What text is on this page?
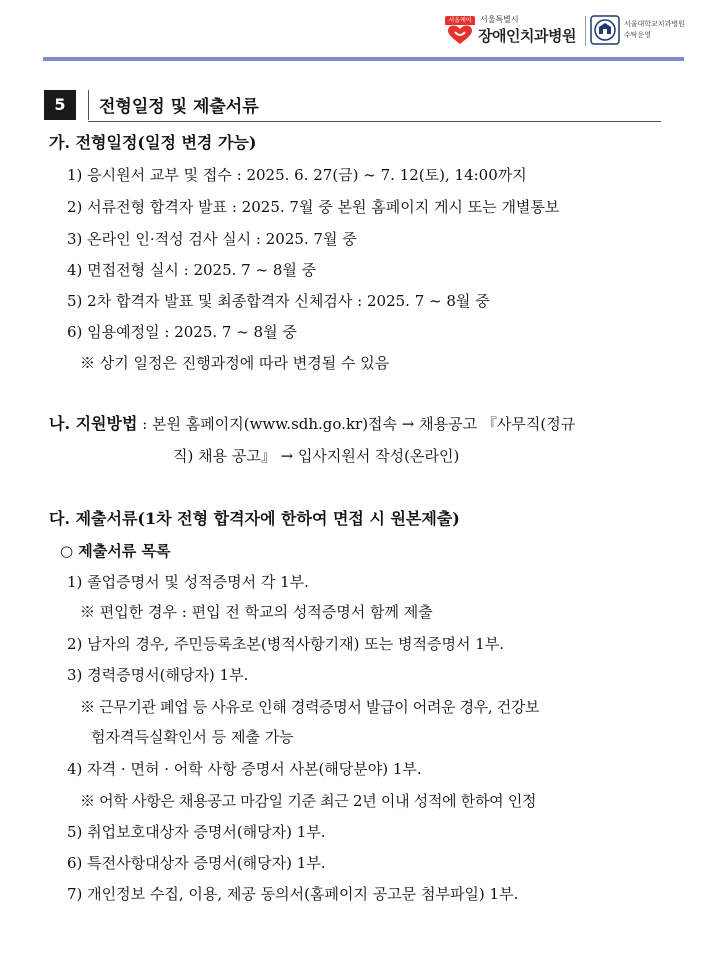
서울케어	서울특별시
장애인치과병원
서울대학교치과병원
수탁운영
5	전형일정 및 제출서류
가. 전형일정(일정 변경 가능)
1) 응시원서 교부 및 접수 : 2025. 6. 27(금) ~ 7. 12(토), 14:00까지
2) 서류전형 합격자 발표 : 2025. 7월 중 본원 홈페이지 게시 또는 개별통보
3) 온라인 인·적성 검사 실시 : 2025. 7월 중
4) 면접전형 실시 : 2025. 7 ~ 8월 중
5) 2차 합격자 발표 및 최종합격자 신체검사 : 2025. 7 ~ 8월 중
6) 임용예정일 : 2025. 7 ~ 8월 중
※ 상기 일정은 진행과정에 따라 변경될 수 있음
나. 지원방법 : 본원 홈페이지(www.sdh.go.kr)접속 → 채용공고 『사무직(정규
직) 채용 공고』 → 입사지원서 작성(온라인)
다. 제출서류(1차 전형 합격자에 한하여 면접 시 원본제출)
○ 제출서류 목록
1) 졸업증명서 및 성적증명서 각 1부.
※ 편입한 경우 : 편입 전 학교의 성적증명서 함께 제출
2) 남자의 경우, 주민등록초본(병적사항기재) 또는 병적증명서 1부.
3) 경력증명서(해당자) 1부.
※ 근무기관 폐업 등 사유로 인해 경력증명서 발급이 어려운 경우, 건강보
험자격득실확인서 등 제출 가능
4) 자격 · 면허 · 어학 사항 증명서 사본(해당분야) 1부.
※ 어학 사항은 채용공고 마감일 기준 최근 2년 이내 성적에 한하여 인정
5) 취업보호대상자 증명서(해당자) 1부.
6) 특전사항대상자 증명서(해당자) 1부.
7) 개인정보 수집, 이용, 제공 동의서(홈페이지 공고문 첨부파일) 1부.
